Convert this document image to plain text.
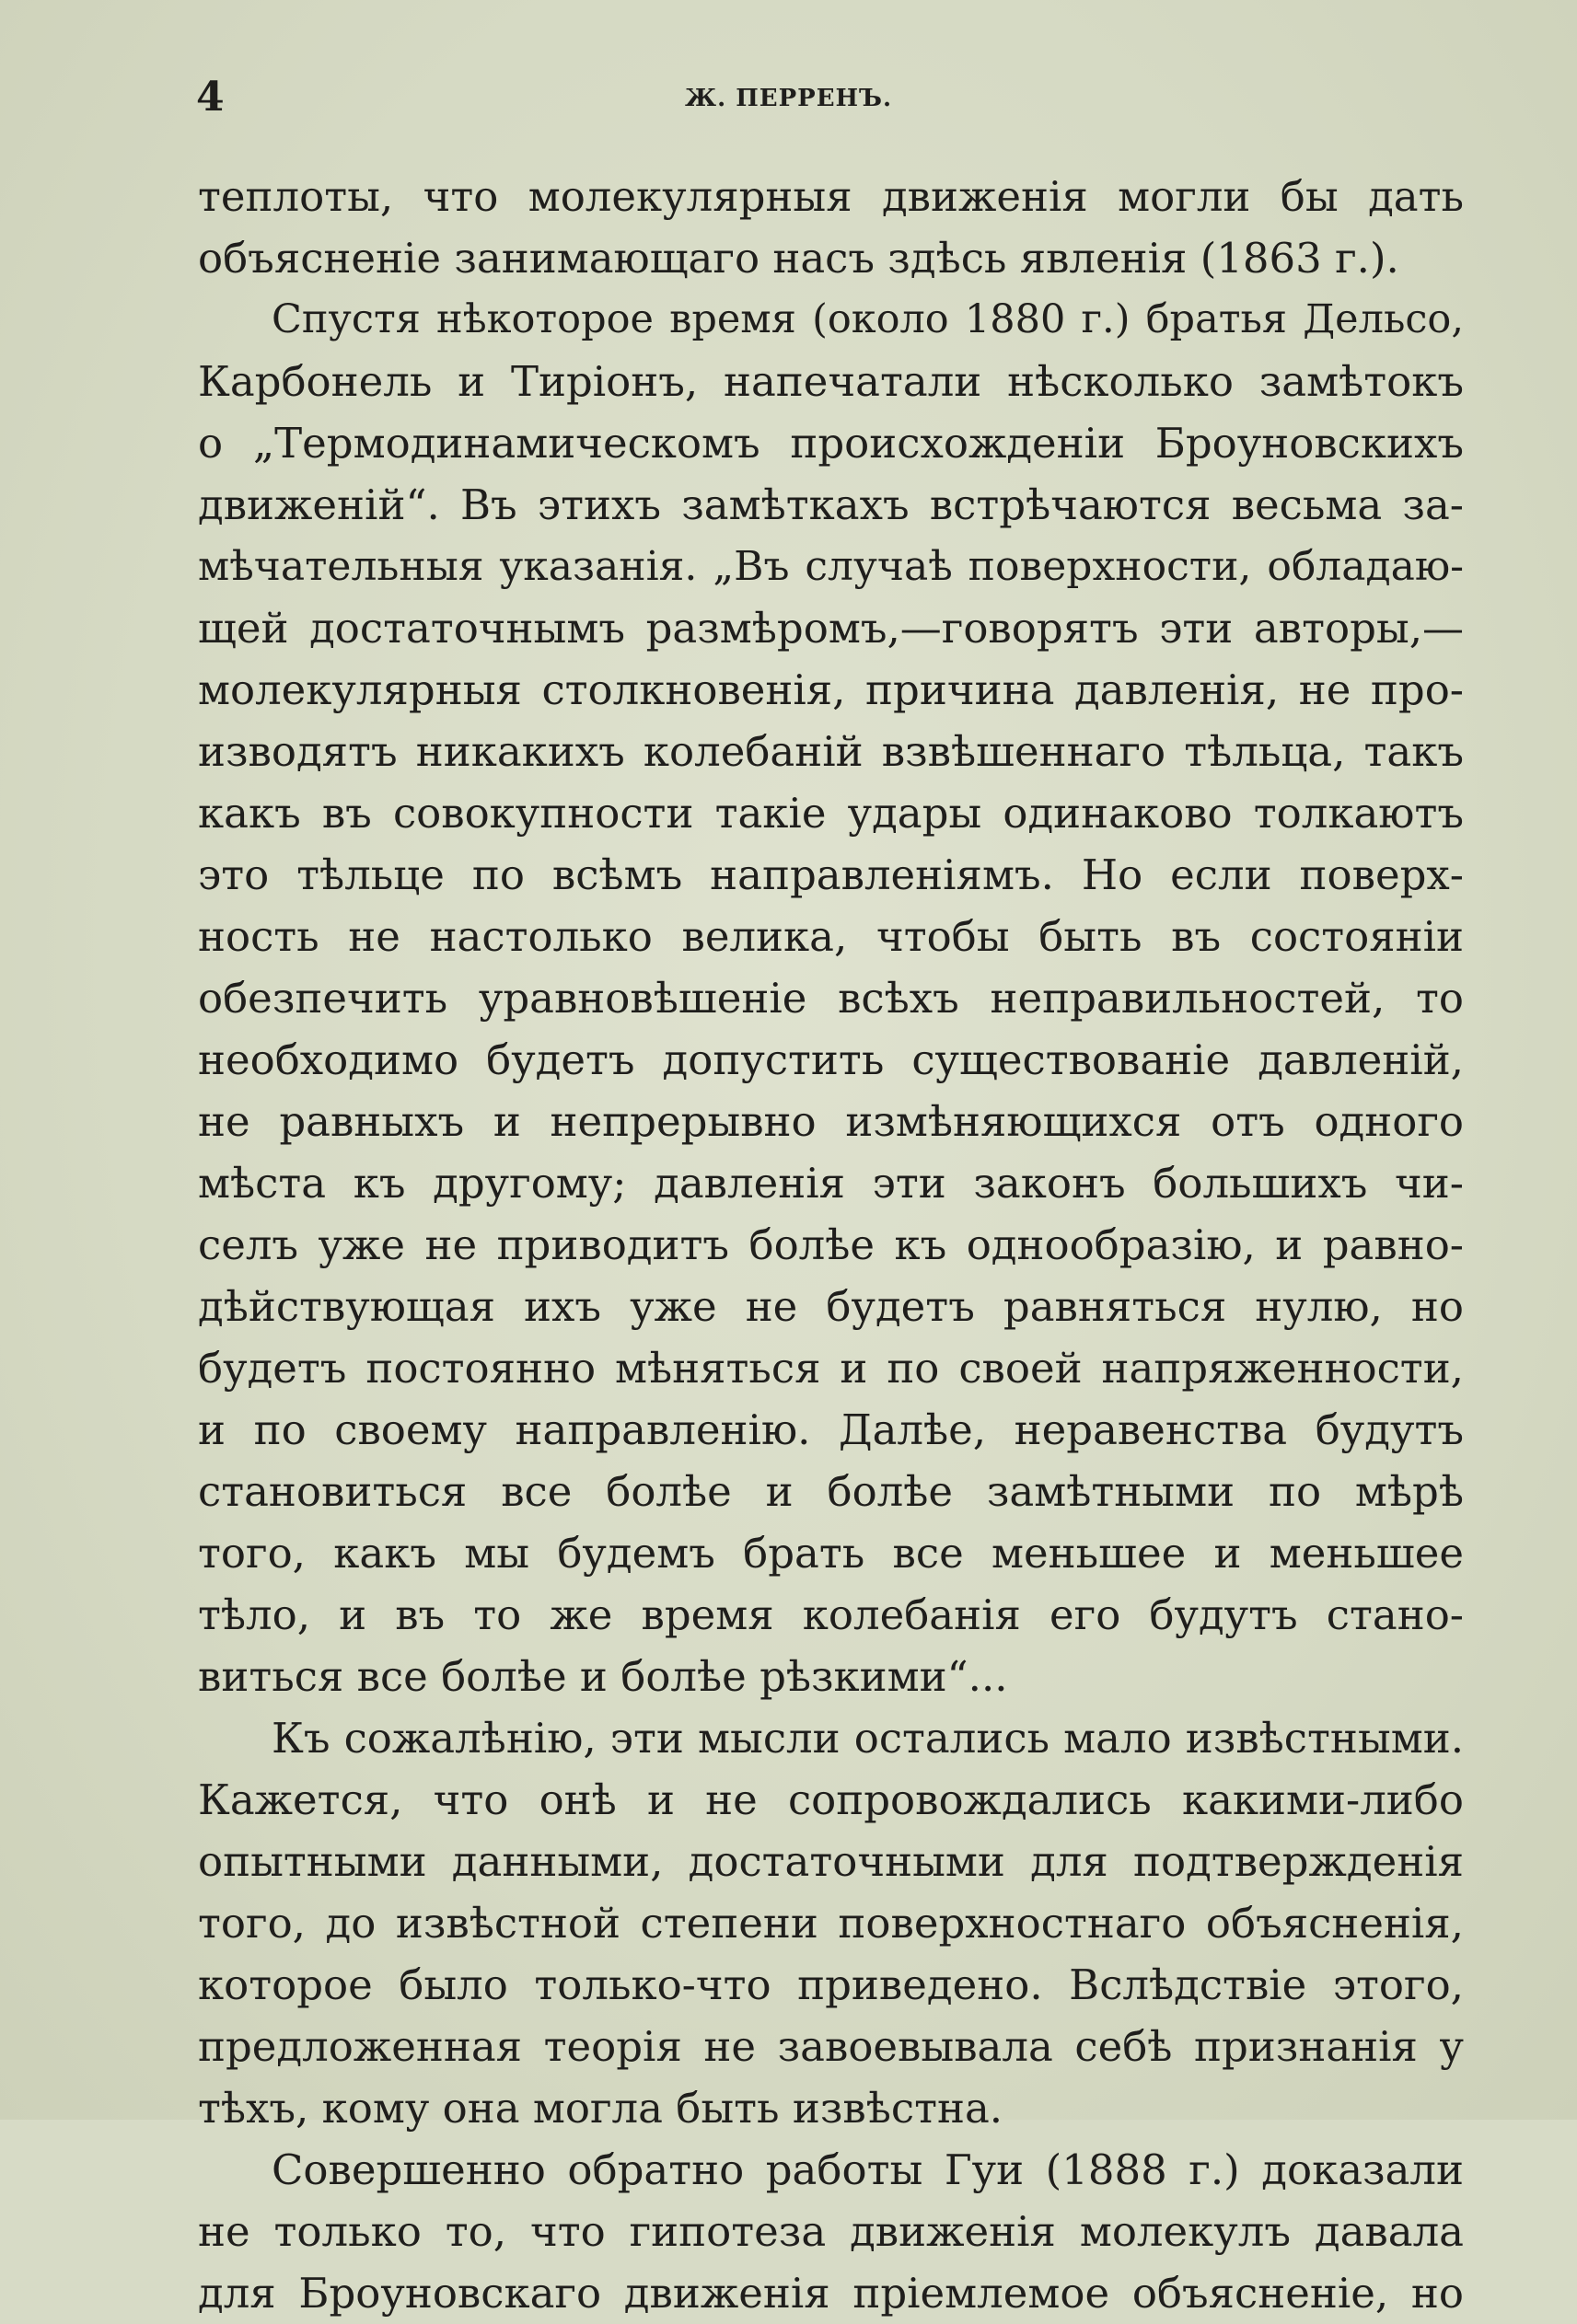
4	Ж. ПЕРРЕНЪ.
теплоты, что молекулярныя движенія могли бы дать
объясненіе занимающаго насъ здѣсь явленія (1863 г.).
Спустя нѣкоторое время (около 1880 г.) братья Дельсо,
Карбонель и Тиріонъ, напечатали нѣсколько замѣтокъ
о „Термодинамическомъ происхожденіи Броуновскихъ
движеній“. Въ этихъ замѣткахъ встрѣчаются весьма за-
мѣчательныя указанія. „Въ случаѣ поверхности, обладаю-
щей достаточнымъ размѣромъ,—говорятъ эти авторы,—
молекулярныя столкновенія, причина давленія, не про-
изводятъ никакихъ колебаній взвѣшеннаго тѣльца, такъ
какъ въ совокупности такіе удары одинаково толкаютъ
это тѣльце по всѣмъ направленіямъ. Но если поверх-
ность не настолько велика, чтобы быть въ состояніи
обезпечить уравновѣшеніе всѣхъ неправильностей, то
необходимо будетъ допустить существованіе давленій,
не равныхъ и непрерывно измѣняющихся отъ одного
мѣста къ другому; давленія эти законъ большихъ чи-
селъ уже не приводитъ болѣе къ однообразію, и равно-
дѣйствующая ихъ уже не будетъ равняться нулю, но
будетъ постоянно мѣняться и по своей напряженности,
и по своему направленію. Далѣе, неравенства будутъ
становиться все болѣе и болѣе замѣтными по мѣрѣ
того, какъ мы будемъ брать все меньшее и меньшее
тѣло, и въ то же время колебанія его будутъ стано-
виться все болѣе и болѣе рѣзкими“...
Къ сожалѣнію, эти мысли остались мало извѣстными.
Кажется, что онѣ и не сопровождались какими-либо
опытными данными, достаточными для подтвержденія
того, до извѣстной степени поверхностнаго объясненія,
которое было только-что приведено. Вслѣдствіе этого,
предложенная теорія не завоевывала себѣ признанія у
тѣхъ, кому она могла быть извѣстна.
Совершенно обратно работы Гуи (1888 г.) доказали
не только то, что гипотеза движенія молекулъ давала
для Броуновскаго движенія пріемлемое объясненіе, но
